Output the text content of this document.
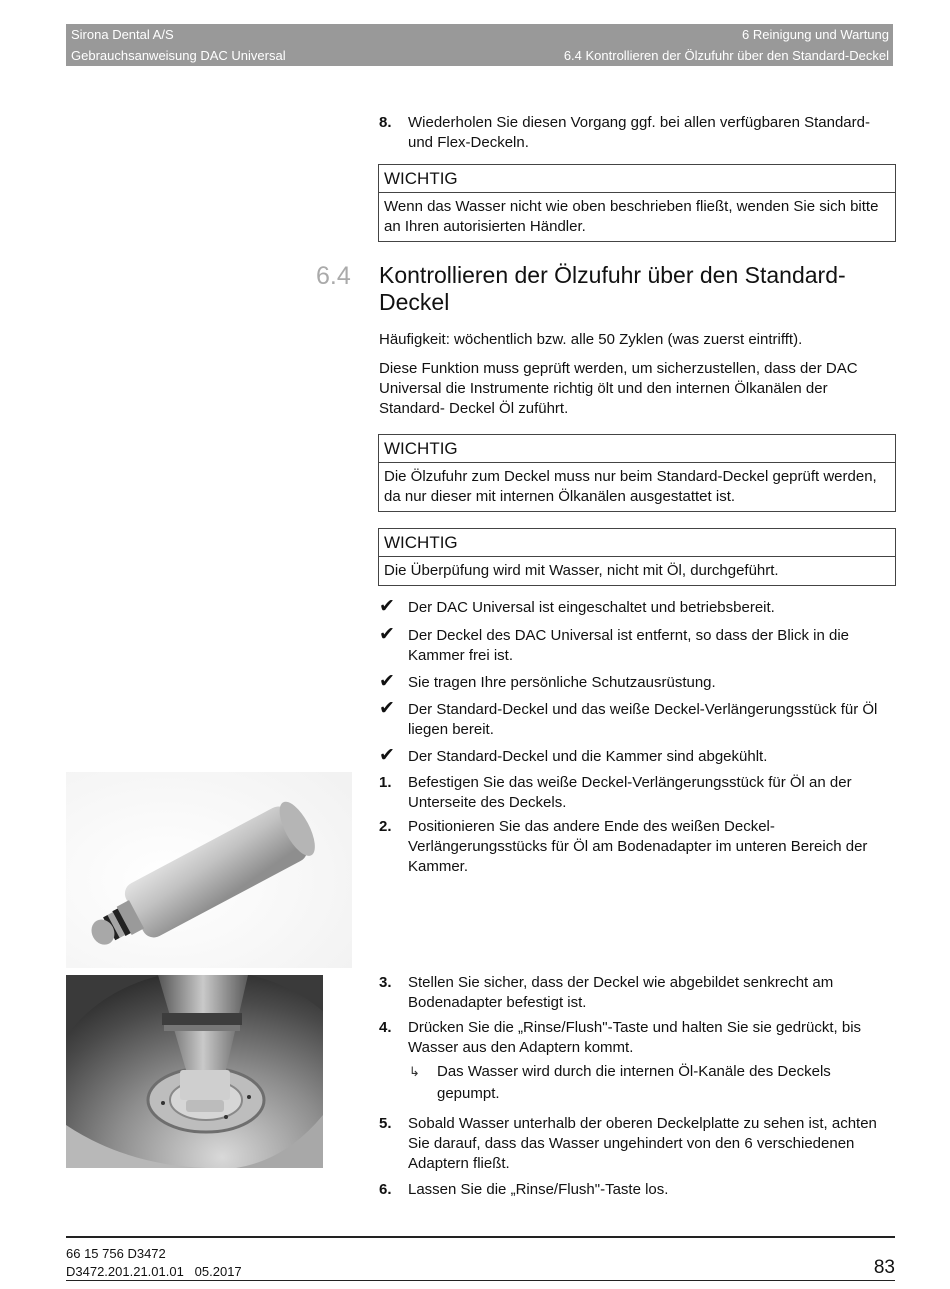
Sirona Dental A/S
Gebrauchsanweisung DAC Universal
6 Reinigung und Wartung
6.4 Kontrollieren der Ölzufuhr über den Standard-Deckel
8. Wiederholen Sie diesen Vorgang ggf. bei allen verfügbaren Standard- und Flex-Deckeln.
WICHTIG
Wenn das Wasser nicht wie oben beschrieben fließt, wenden Sie sich bitte an Ihren autorisierten Händler.
6.4 Kontrollieren der Ölzufuhr über den Standard-Deckel
Häufigkeit: wöchentlich bzw. alle 50 Zyklen (was zuerst eintrifft).
Diese Funktion muss geprüft werden, um sicherzustellen, dass der DAC Universal die Instrumente richtig ölt und den internen Ölkanälen der Standard- Deckel Öl zuführt.
WICHTIG
Die Ölzufuhr zum Deckel muss nur beim Standard-Deckel geprüft werden, da nur dieser mit internen Ölkanälen ausgestattet ist.
WICHTIG
Die Überpüfung wird mit Wasser, nicht mit Öl, durchgeführt.
✔ Der DAC Universal ist eingeschaltet und betriebsbereit.
✔ Der Deckel des DAC Universal ist entfernt, so dass der Blick in die Kammer frei ist.
✔ Sie tragen Ihre persönliche Schutzausrüstung.
✔ Der Standard-Deckel und das weiße Deckel-Verlängerungsstück für Öl liegen bereit.
✔ Der Standard-Deckel und die Kammer sind abgekühlt.
1. Befestigen Sie das weiße Deckel-Verlängerungsstück für Öl an der Unterseite des Deckels.
2. Positionieren Sie das andere Ende des weißen Deckel-Verlängerungsstücks für Öl am Bodenadapter im unteren Bereich der Kammer.
3. Stellen Sie sicher, dass der Deckel wie abgebildet senkrecht am Bodenadapter befestigt ist.
4. Drücken Sie die „Rinse/Flush"-Taste und halten Sie sie gedrückt, bis Wasser aus den Adaptern kommt.
↳ Das Wasser wird durch die internen Öl-Kanäle des Deckels gepumpt.
5. Sobald Wasser unterhalb der oberen Deckelplatte zu sehen ist, achten Sie darauf, dass das Wasser ungehindert von den 6 verschiedenen Adaptern fließt.
6. Lassen Sie die „Rinse/Flush"-Taste los.
66 15 756 D3472
D3472.201.21.01.01   05.2017	83
